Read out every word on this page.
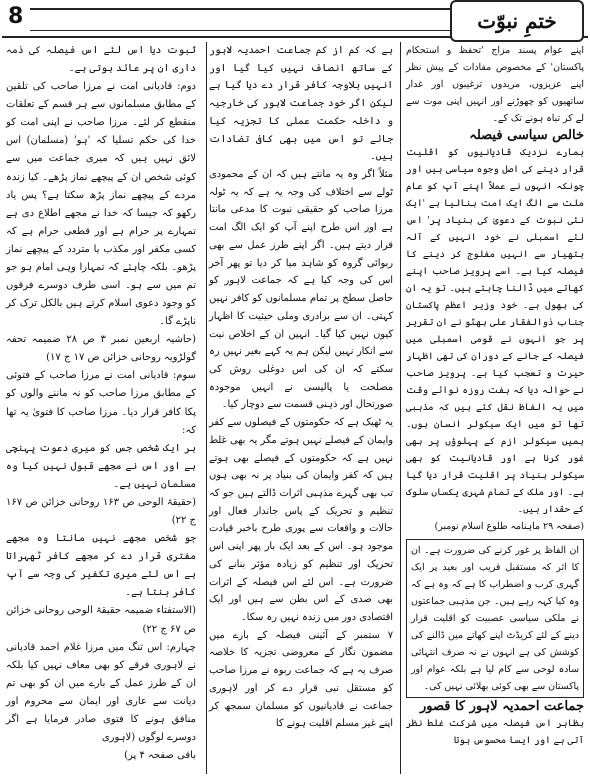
8	ختمِ نبوّت

اپنے عوام پسند مزاج 'تحفظ و استحکام پاکستان' کے مخصوص مفادات کے پیش نظر اپنے عزیزوں، مریدوں ترغیبوں اور غدار ساتھیوں کو چھوڑنے اور انہیں اپنی موت سے لے کر تباہ ہونے تک کے۔

خالص سیاسی فیصلہ

ہمارے نزدیک قادیانیوں کو اقلیت قرار دینے کی اصل وجوہ سیاسی ہیں اور چونکہ انہوں نے عملاً اپنے آپ کو عام ملت سے الگ ایک امت بنالیا ہے 'ایک نئی نبوت کے دعویٰ کی بنیاد پر' اس لئے اسمبلی نے خود انہیں کے آلہ ہتھیار سے انہیں مفلوج کر دینے کا فیصلہ کیا ہے۔ اسے پرویز صاحب اپنے کھاتے میں ڈالنا چاہتے ہیں۔ تو یہ ان کی بھول ہے۔ خود وزیر اعظم پاکستان جناب ذوالفقار علی بھٹو نے ان تقریر پر جو انہوں نے قومی اسمبلی میں فیصلہ کے جانے کے دوران کی تھی اظہار حیرت و تعجب کیا ہے۔ پرویز صاحب نے حوالہ دیا کہ ہفت روزہ نوائے وقت میں یہ الفاظ نقل کئے ہیں کہ مذہبی تھا تو میں ایک سیکولر انسان ہوں۔ ہمیں سیکولر ازم کے پہلوؤں پر بھی غور کرنا ہے اور قادیانیت کو بھی سیکولر بنیاد پر اقلیت قرار دیا گیا ہے۔ اور ملک کے تمام شہری یکساں سلوک کے حقدار ہیں۔

(صفحہ ۲۹ ماہنامہ طلوع اسلام نومبر)

ان الفاظ پر غور کرنے کی ضرورت ہے۔ ان کا اثر کہ مستقبل قریب اور بعید پر ایک گہری کرب و اضطراب کا ہے کہ وہ ہے کہ وہ کیا کہہ رہے ہیں۔ جن مذہبی جماعتوں نے ملکی سیاسی عصبیت کو اقلیت قرار دینے کے لئے کریڈٹ اپنے کھاتے میں ڈالنے کی کوشش کی ہے انہوں نے نہ صرف انتہائی سادہ لوحی سے کام لیا ہے بلکہ عوام اور پاکستان سے بھی کوئی بھلائی نہیں کی۔

جماعت احمدیہ لاہور کا قصور

بظاہر اس فیصلہ میں شرکت غلط نظر آتی ہے اور ایسا محسوس ہوتا

ہے کہ کم از کم جماعت احمدیہ لاہور کے ساتھ انصاف نہیں کیا گیا اور انہیں بلاوجہ کافر قرار دے دیا گیا ہے لیکن اگر خود جماعت لاہور کی خارجیہ و داخلہ حکمت عملی کا تجزیہ کیا جائے تو اس میں بھی کافی تضادات ہیں۔

مثلاً اگر وہ یہ مانتے ہیں کہ ان کے محمودی ٹولے سے اختلاف کی وجہ یہ ہے کہ یہ ٹولہ مرزا صاحب کو حقیقی نبوت کا مدعی مانتا ہے اور اس طرح اپنے آپ کو ایک الگ امت قرار دیتے ہیں۔ اگر اپنے طرز عمل سے بھی ربوائی گروہ کو شاہد میا کر دیا تو پھر آخر اس کی وجہ کیا ہے کہ جماعت لاہور کو حاصل سطح پر تمام مسلمانوں کو کافر نہیں کہتی۔ ان سے برادری وملی حیثیت کا اظہار کیوں نہیں کیا گیا۔ انہیں ان کے اخلاص نیت سے انکار نہیں لیکن ہم یہ کہے بغیر نہیں رہ سکتے کہ ان کی اس دوغلی روش کی مصلحت یا پالیسی نے انہیں موجودہ صورتحال اور ذہنی قسمت سے دوچار کیا۔

یہ ٹھیک ہے کہ حکومتوں کے فیصلوں سے کفر وایمان کے فیصلے نہیں ہوتے مگر یہ بھی غلط نہیں ہے کہ حکومتوں کے فیصلے بھی ہوتے ہیں کہ کفر وایمان کی بنیاد پر نہ بھی ہوں تب بھی گہرے مذہبی اثرات ڈالتے ہیں جو کہ تنظیم و تحریک کے پاس جاندار فعال اور حالات و واقعات سے پوری طرح باخبر قیادت موجود ہو۔ اس کے بعد ایک بار پھر اپنی اس تحریک اور تنظیم کو زیادہ مؤثر بنانے کی ضرورت ہے۔ اس لئے اس فیصلہ کے اثرات بھی صدی کے اس بطن سے ہیں اور ایک اقتصادی دور میں زندہ نہیں رہ سکا۔

۷ ستمبر کے آئینی فیصلہ کے بارے میں مضمون نگار کے معروضی تجزیہ کا خلاصہ صرف یہ ہے کہ جماعت ربوہ نے مرزا صاحب کو مستقل نبی قرار دے کر اور لاہوری جماعت نے قادیانیوں کو مسلمان سمجھ کر اپنے غیر مسلم اقلیت ہونے کا

ثبوت دیا اس لئے اس فیصلہ کی ذمہ داری ان پر عائد ہوتی ہے۔

دوم: قادیانی امت نے مرزا صاحب کی تلقین کے مطابق مسلمانوں سے ہر قسم کے تعلقات منقطع کر لئے۔ مرزا صاحب نے اپنی امت کو خدا کی حکم تسلیا کہ 'ہو' (مسلمان) اس لائق نہیں ہیں کہ میری جماعت میں سے کوئی شخص ان کے پیچھے نماز پڑھے۔ کیا زندہ مردے کے پیچھے نماز پڑھ سکتا ہے؟ پس یاد رکھو کہ جیسا کہ خدا نے مجھے اطلاع دی ہے تمہارے پر حرام ہے اور قطعی حرام ہے کہ کسی مکفر اور مکذب یا متردد کے پیچھے نماز پڑھو۔ بلکہ چاہئے کہ تمہارا وہی امام ہو جو تم میں سے ہو۔ اسی طرف دوسرے فرقوں کو وجود دعوی اسلام کرتے ہیں بالکل ترک کر ناپڑے گا۔

(حاشیہ اربعین نمبر ۳ ص ۲۸ ضمیمہ تحفہ گولڑویہ روحانی خزائن ص ۱۷ ج ۱۷)

سوم: قادیانی امت نے مرزا صاحب کے فتوئی کے مطابق مرزا صاحب کو نہ ماننے والوں کو پکا کافر قرار دیا۔ مرزا صاحب کا فتویٰ یہ تھا کہ:

ہر ایک شخص جس کو میری دعوت پہنچی ہے اور اس نے مجھے قبول نہیں کیا وہ مسلمان نہیں ہے۔

(حقیقۃ الوحی ص ۱۶۳ روحانی خزائن ص ۱۶۷ ج ۲۲)

جو شخص مجھے نہیں مانتا وہ مجھے مفتری قرار دے کر مجھے کافر ٹھہراتا ہے اس لئے میری تکفیر کی وجہ سے آپ کافر بنتا ہے۔

(الاستفتاء ضمیمہ حقیقۃ الوحی روحانی خزائن ص ۶۷ ج ۲۲)

چہارم: اس تنگ میں مرزا غلام احمد قادیانی نے لاہوری فرقے کو بھی معاف نہیں کیا بلکہ ان کے طرز عمل کے بارے میں ان کو بھی تم دیانت سے عاری اور ایمان سے محروم اور منافق ہونے کا فتوی صادر فرمایا ہے اگر دوسرے لوگوں (لاہوری

باقی صفحہ ۴ پر)
